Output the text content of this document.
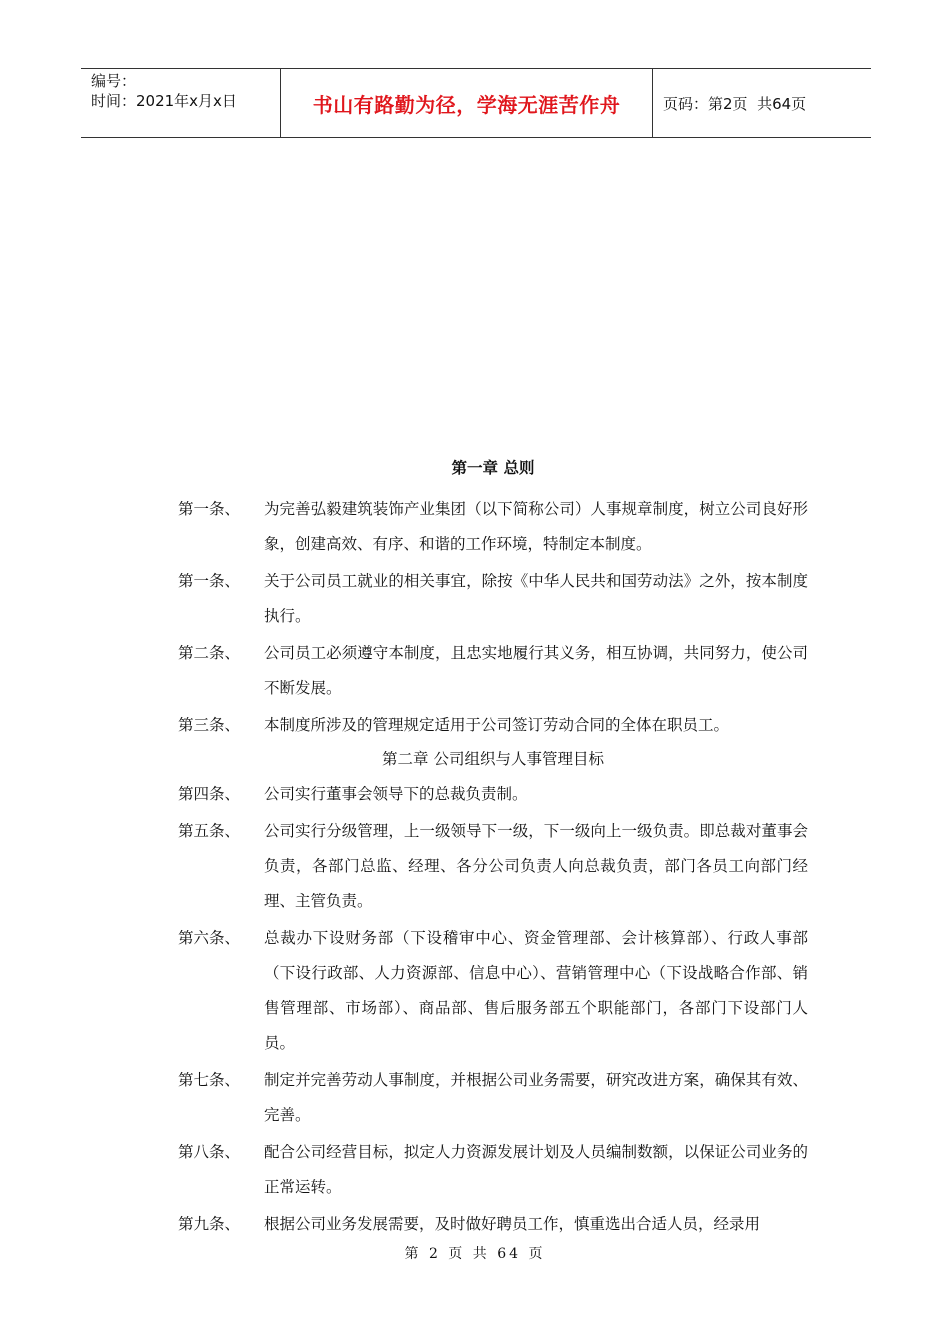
编号：
时间：2021年x月x日	书山有路勤为径，学海无涯苦作舟	页码：第2页  共64页
第一章 总则
第一条、	为完善弘毅建筑装饰产业集团（以下简称公司）人事规章制度，树立公司良好形象，创建高效、有序、和谐的工作环境，特制定本制度。
第一条、	关于公司员工就业的相关事宜，除按《中华人民共和国劳动法》之外，按本制度执行。
第二条、	公司员工必须遵守本制度，且忠实地履行其义务，相互协调，共同努力，使公司不断发展。
第三条、	本制度所涉及的管理规定适用于公司签订劳动合同的全体在职员工。
第二章 公司组织与人事管理目标
第四条、	公司实行董事会领导下的总裁负责制。
第五条、	公司实行分级管理，上一级领导下一级，下一级向上一级负责。即总裁对董事会负责，各部门总监、经理、各分公司负责人向总裁负责，部门各员工向部门经理、主管负责。
第六条、	总裁办下设财务部（下设稽审中心、资金管理部、会计核算部）、行政人事部（下设行政部、人力资源部、信息中心）、营销管理中心（下设战略合作部、销售管理部、市场部）、商品部、售后服务部五个职能部门，各部门下设部门人员。
第七条、	制定并完善劳动人事制度，并根据公司业务需要，研究改进方案，确保其有效、完善。
第八条、	配合公司经营目标，拟定人力资源发展计划及人员编制数额，以保证公司业务的正常运转。
第九条、	根据公司业务发展需要，及时做好聘员工作，慎重选出合适人员，经录用
第 2 页 共 64 页
